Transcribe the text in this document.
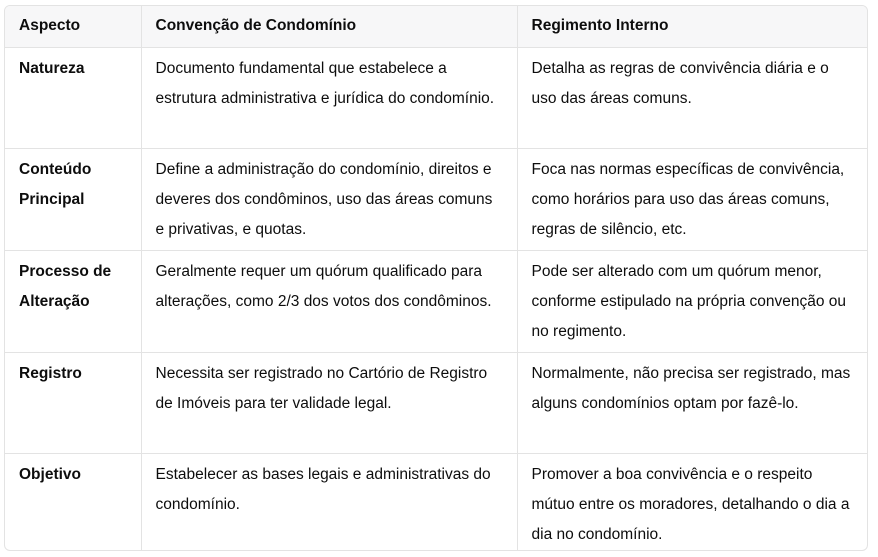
Aspecto	Convenção de Condomínio	Regimento Interno
Natureza	Documento fundamental que estabelece a estrutura administrativa e jurídica do condomínio.	Detalha as regras de convivência diária e o uso das áreas comuns.
Conteúdo Principal	Define a administração do condomínio, direitos e deveres dos condôminos, uso das áreas comuns e privativas, e quotas.	Foca nas normas específicas de convivência, como horários para uso das áreas comuns, regras de silêncio, etc.
Processo de Alteração	Geralmente requer um quórum qualificado para alterações, como 2/3 dos votos dos condôminos.	Pode ser alterado com um quórum menor, conforme estipulado na própria convenção ou no regimento.
Registro	Necessita ser registrado no Cartório de Registro de Imóveis para ter validade legal.	Normalmente, não precisa ser registrado, mas alguns condomínios optam por fazê-lo.
Objetivo	Estabelecer as bases legais e administrativas do condomínio.	Promover a boa convivência e o respeito mútuo entre os moradores, detalhando o dia a dia no condomínio.
